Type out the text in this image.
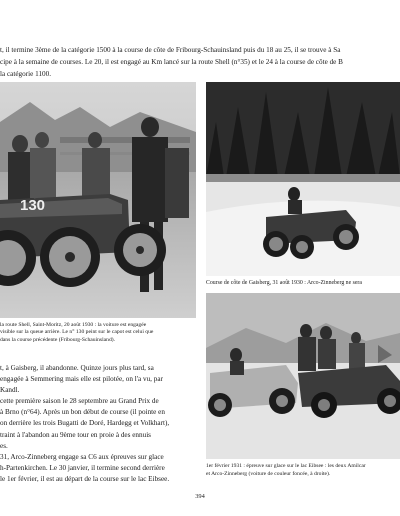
t, il termine 3ème de la catégorie 1500 à la course de côte de Fribourg-Schauinsland puis du 18 au 25, il se trouve à Sa
cipe à la semaine de courses. Le 20, il est engagé au Km lancé sur la route Shell (n°35) et le 24 à la course de côte de B
la catégorie 1100.
130
Course de côte de Gaisberg, 31 août 1930 : Arco-Zinneberg ne sera
la route Shell, Saint-Moritz, 20 août 1930 : la voiture est engagée
visible sur la queue arrière. Le n° 130 peint sur le capot est celui que
dans la course précédente (Fribourg-Schauinsland).
t, à Gaisberg, il abandonne. Quinze jours plus tard, sa
engagée à Semmering mais elle est pilotée, on l'a vu, par
Kandl.
cette première saison le 28 septembre au Grand Prix de
à Brno (n°64). Après un bon début de course (il pointe en
on derrière les trois Bugatti de Doré, Hardegg et Volkhart),
traint à l'abandon au 9ème tour en proie à des ennuis
es.
31, Arco-Zinneberg engage sa C6 aux épreuves sur glace
h-Partenkirchen. Le 30 janvier, il termine second derrière
le 1er février, il est au départ de la course sur le lac Eibsee.
1er février 1931 : épreuve sur glace sur le lac Eibsee : les deux Amilcar
et Arco-Zinneberg (voiture de couleur foncée, à droite).
394
